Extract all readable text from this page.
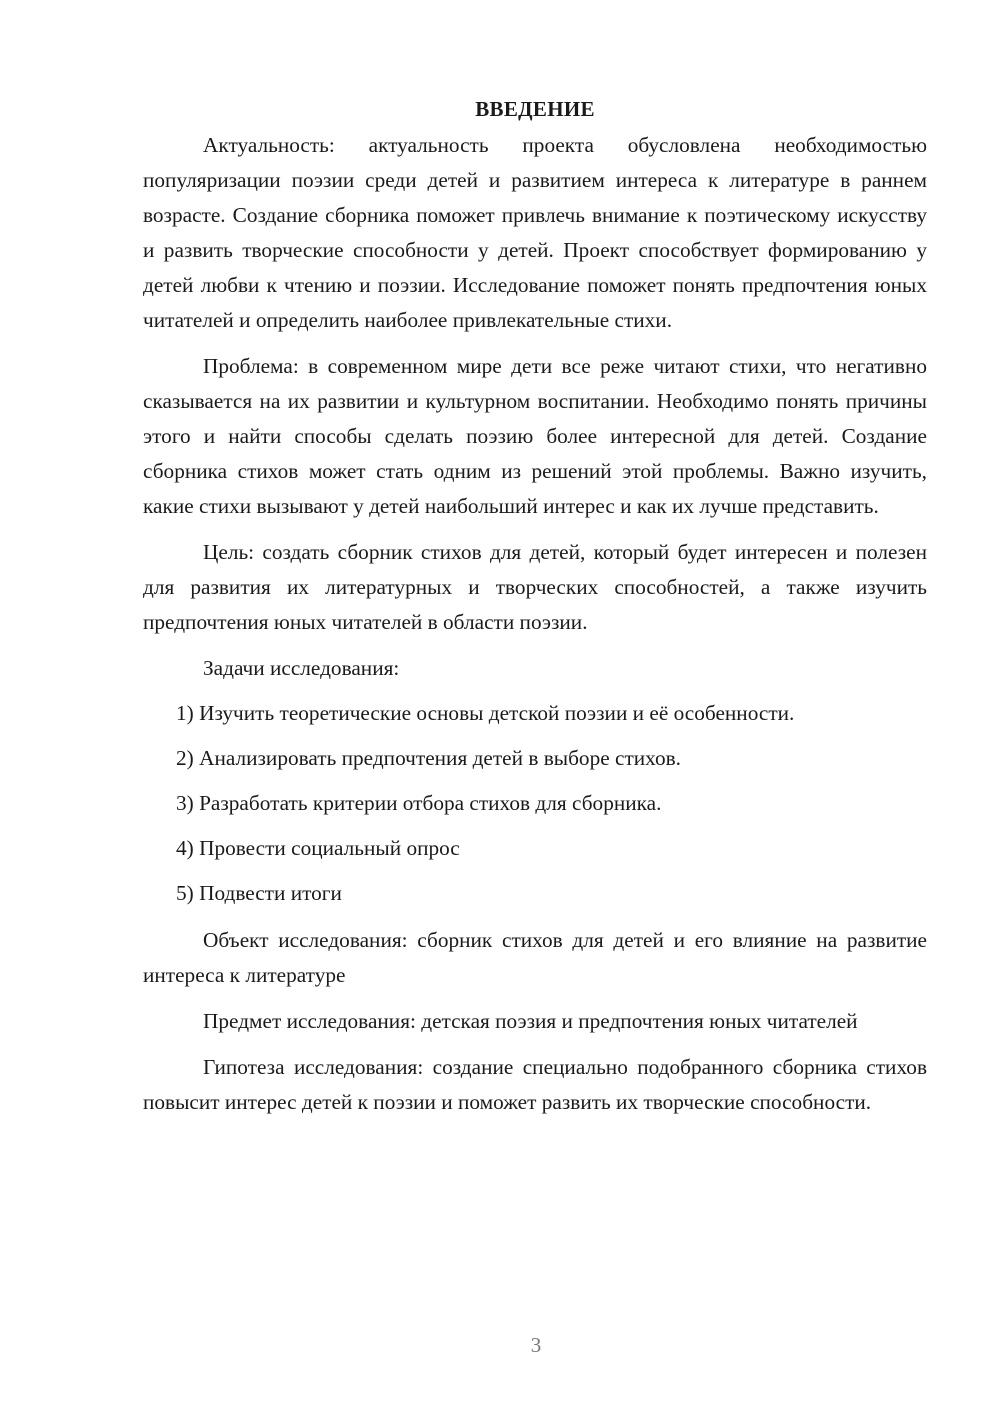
ВВЕДЕНИЕ

Актуальность: актуальность проекта обусловлена необходимостью популяризации поэзии среди детей и развитием интереса к литературе в раннем возрасте. Создание сборника поможет привлечь внимание к поэтическому искусству и развить творческие способности у детей. Проект способствует формированию у детей любви к чтению и поэзии. Исследование поможет понять предпочтения юных читателей и определить наиболее привлекательные стихи.

Проблема: в современном мире дети все реже читают стихи, что негативно сказывается на их развитии и культурном воспитании. Необходимо понять причины этого и найти способы сделать поэзию более интересной для детей. Создание сборника стихов может стать одним из решений этой проблемы. Важно изучить, какие стихи вызывают у детей наибольший интерес и как их лучше представить.

Цель: создать сборник стихов для детей, который будет интересен и полезен для развития их литературных и творческих способностей, а также изучить предпочтения юных читателей в области поэзии.

Задачи исследования:
1) Изучить теоретические основы детской поэзии и её особенности.
2) Анализировать предпочтения детей в выборе стихов.
3) Разработать критерии отбора стихов для сборника.
4) Провести социальный опрос
5) Подвести итоги

Объект исследования: сборник стихов для детей и его влияние на развитие интереса к литературе

Предмет исследования: детская поэзия и предпочтения юных читателей

Гипотеза исследования: создание специально подобранного сборника стихов повысит интерес детей к поэзии и поможет развить их творческие способности.

3
